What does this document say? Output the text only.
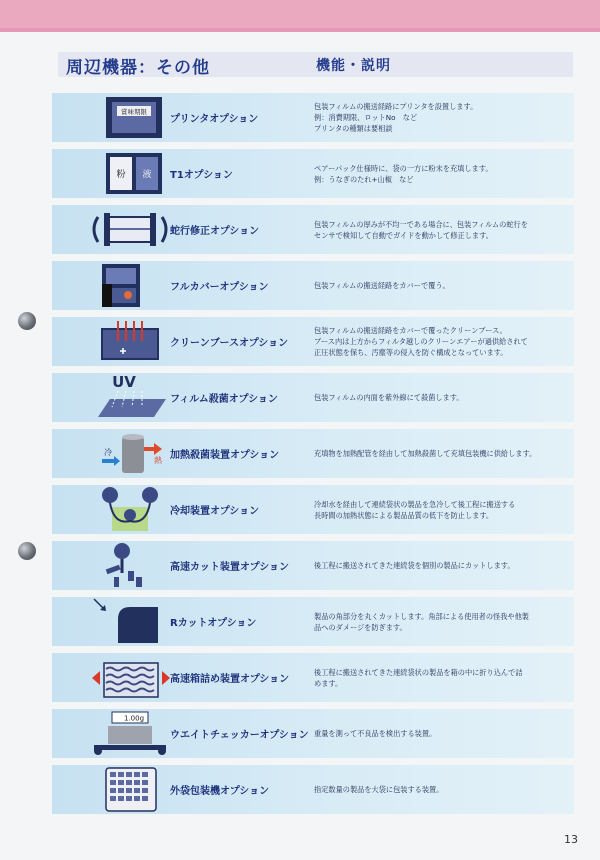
周辺機器：その他	機能・説明
賞味期限
プリンタオプション
包装フィルムの搬送経路にプリンタを設置します。
例：消費期限、ロットNo　など
プリンタの種類は要相談
粉 液 T1オプション
ペアーパック仕様時に、袋の一方に粉末を充填します。
例：うなぎのたれ+山椒　など
蛇行修正オプション
包装フィルムの厚みが不均一である場合に、包装フィルムの蛇行を
センサで検知して自動でガイドを動かして修正します。
フルカバーオプション	包装フィルムの搬送経路をカバーで覆う。
クリーンブースオプション
包装フィルムの搬送経路をカバーで覆ったクリーンブース。
ブース内は上方からフィルタ越しのクリーンエアーが過供給されて
正圧状態を保ち、汚塵等の侵入を防ぐ構成となっています。
UV
フィルム殺菌オプション	包装フィルムの内面を紫外線にて殺菌します。
冷
熱 加熱殺菌装置オプション	充填物を加熱配管を経由して加熱殺菌して充填包装機に供給します。
冷却装置オプション
冷却水を経由して連続袋状の製品を急冷して後工程に搬送する
長時間の加熱状態による製品品質の低下を防止します。
高速カット装置オプション	後工程に搬送されてきた連続袋を個別の製品にカットします。
Rカットオプション
製品の角部分を丸くカットします。角部による使用者の怪我や他製
品へのダメージを防ぎます。
高速箱詰め装置オプション
後工程に搬送されてきた連続袋状の製品を箱の中に折り込んで詰
めます。
1.00g
ウエイトチェッカーオプション 重量を測って不良品を検出する装置。
外袋包装機オプション	指定数量の製品を大袋に包装する装置。
13
